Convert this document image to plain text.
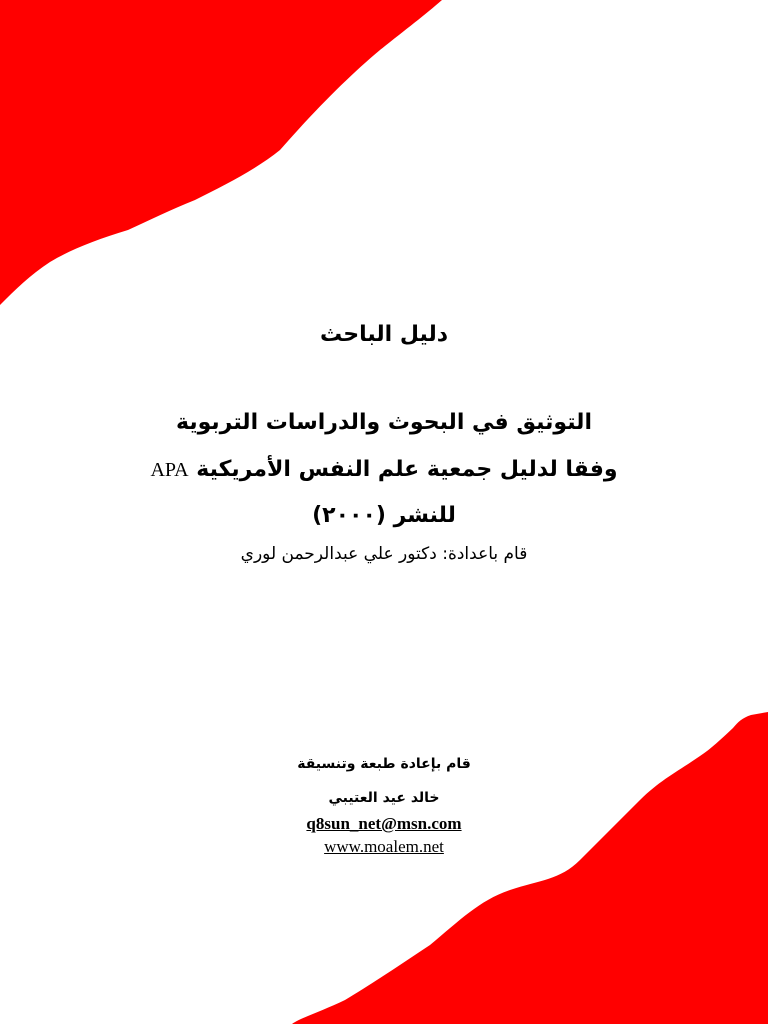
دليل الباحث
التوثيق في البحوث والدراسات التربوية
وفقا لدليل جمعية علم النفس الأمريكية APA
للنشر (٢٠٠٠)
قام باعدادة: دكتور علي عبدالرحمن لوري
قام بإعادة طبعة وتنسيقة
خالد عيد العتيبي
q8sun_net@msn.com
www.moalem.net
